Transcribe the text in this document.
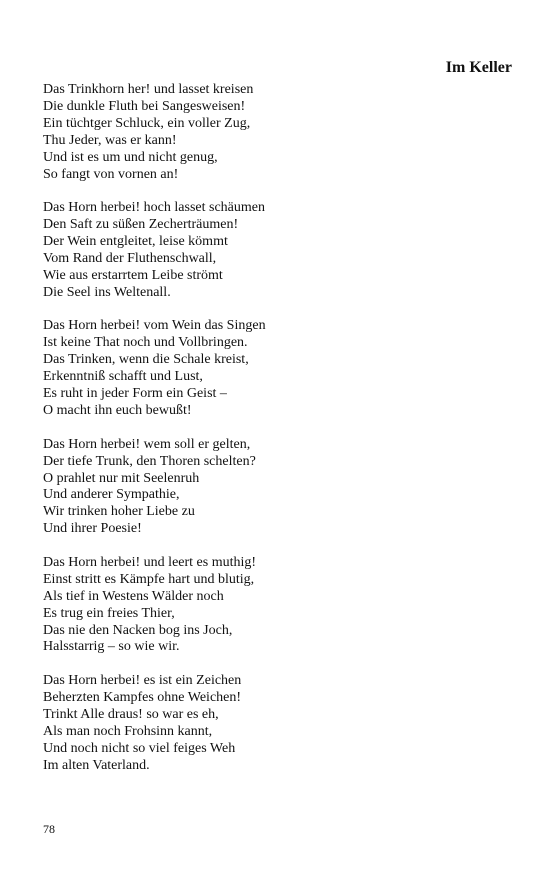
Im Keller
Das Trinkhorn her! und lasset kreisen
Die dunkle Fluth bei Sangesweisen!
Ein tüchtger Schluck, ein voller Zug,
Thu Jeder, was er kann!
Und ist es um und nicht genug,
So fangt von vornen an!
Das Horn herbei! hoch lasset schäumen
Den Saft zu süßen Zecherträumen!
Der Wein entgleitet, leise kömmt
Vom Rand der Fluthenschwall,
Wie aus erstarrtem Leibe strömt
Die Seel ins Weltenall.
Das Horn herbei! vom Wein das Singen
Ist keine That noch und Vollbringen.
Das Trinken, wenn die Schale kreist,
Erkenntniß schafft und Lust,
Es ruht in jeder Form ein Geist –
O macht ihn euch bewußt!
Das Horn herbei! wem soll er gelten,
Der tiefe Trunk, den Thoren schelten?
O prahlet nur mit Seelenruh
Und anderer Sympathie,
Wir trinken hoher Liebe zu
Und ihrer Poesie!
Das Horn herbei! und leert es muthig!
Einst stritt es Kämpfe hart und blutig,
Als tief in Westens Wälder noch
Es trug ein freies Thier,
Das nie den Nacken bog ins Joch,
Halsstarrig – so wie wir.
Das Horn herbei! es ist ein Zeichen
Beherzten Kampfes ohne Weichen!
Trinkt Alle draus! so war es eh,
Als man noch Frohsinn kannt,
Und noch nicht so viel feiges Weh
Im alten Vaterland.
78
